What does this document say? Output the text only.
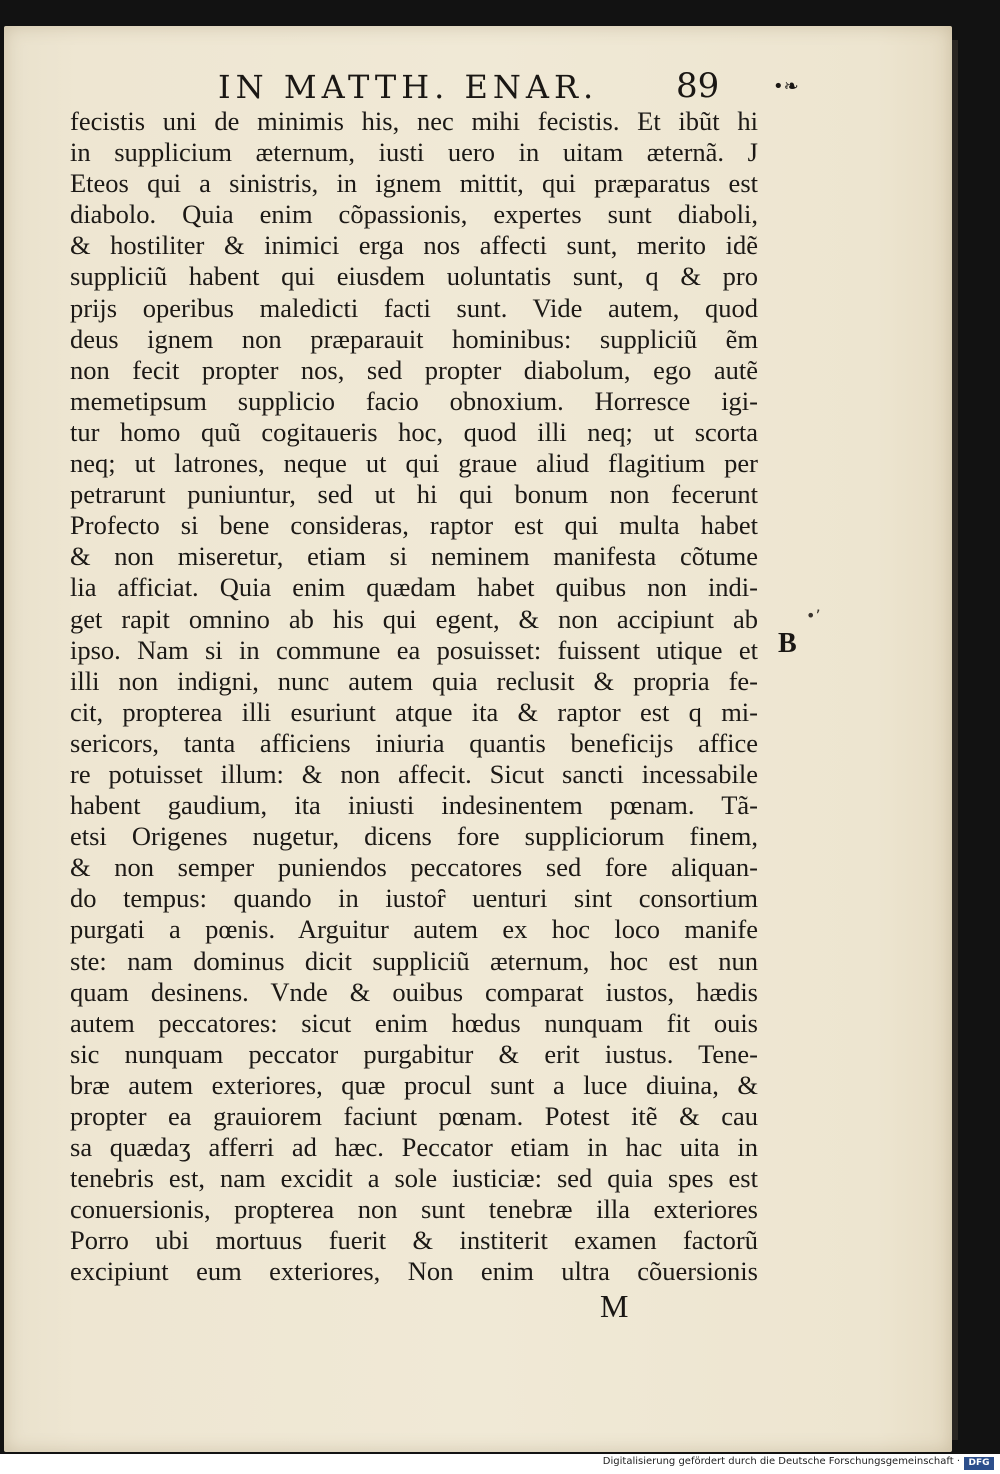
IN MATTH. ENAR. 89	•❧
fecistis uni de minimis his, nec mihi fecistis. Et ibũt hi
in supplicium æternum, iusti uero in uitam æternã. J
Eteos qui a sinistris, in ignem mittit, qui præparatus est
diabolo. Quia enim cõpassionis, expertes sunt diaboli,
& hostiliter & inimici erga nos affecti sunt, merito idẽ
suppliciũ habent qui eiusdem uoluntatis sunt, q & pro
prijs operibus maledicti facti sunt. Vide autem, quod
deus ignem non præparauit hominibus: suppliciũ ẽm
non fecit propter nos, sed propter diabolum, ego autẽ
memetipsum supplicio facio obnoxium. Horresce igi-
tur homo quũ cogitaueris hoc, quod illi neq; ut scorta
neq; ut latrones, neque ut qui graue aliud flagitium per
petrarunt puniuntur, sed ut hi qui bonum non fecerunt
Profecto si bene consideras, raptor est qui multa habet
& non miseretur, etiam si neminem manifesta cõtume
lia afficiat. Quia enim quædam habet quibus non indi-
get rapit omnino ab his qui egent, & non accipiunt ab
ipso. Nam si in commune ea posuisset: fuissent utique et
illi non indigni, nunc autem quia reclusit & propria fe-
cit, propterea illi esuriunt atque ita & raptor est q mi-
sericors, tanta afficiens iniuria quantis beneficijs affice
re potuisset illum: & non affecit. Sicut sancti incessabile
habent gaudium, ita iniusti indesinentem pœnam. Tã-
etsi Origenes nugetur, dicens fore suppliciorum finem,
& non semper puniendos peccatores sed fore aliquan-
do tempus: quando in iustoȓ uenturi sint consortium
purgati a pœnis. Arguitur autem ex hoc loco manife
ste: nam dominus dicit suppliciũ æternum, hoc est nun
quam desinens. Vnde & ouibus comparat iustos, hædis
autem peccatores: sicut enim hœdus nunquam fit ouis
sic nunquam peccator purgabitur & erit iustus. Tene-
bræ autem exteriores, quæ procul sunt a luce diuina, &
propter ea grauiorem faciunt pœnam. Potest itẽ & cau
sa quædaʒ afferri ad hæc. Peccator etiam in hac uita in
tenebris est, nam excidit a sole iusticiæ: sed quia spes est
conuersionis, propterea non sunt tenebræ illa exteriores
Porro ubi mortuus fuerit & institerit examen factorũ
excipiunt eum exteriores, Non enim ultra cõuersionis
•’
B
M
Digitalisierung gefördert durch die Deutsche Forschungsgemeinschaft · DFG
